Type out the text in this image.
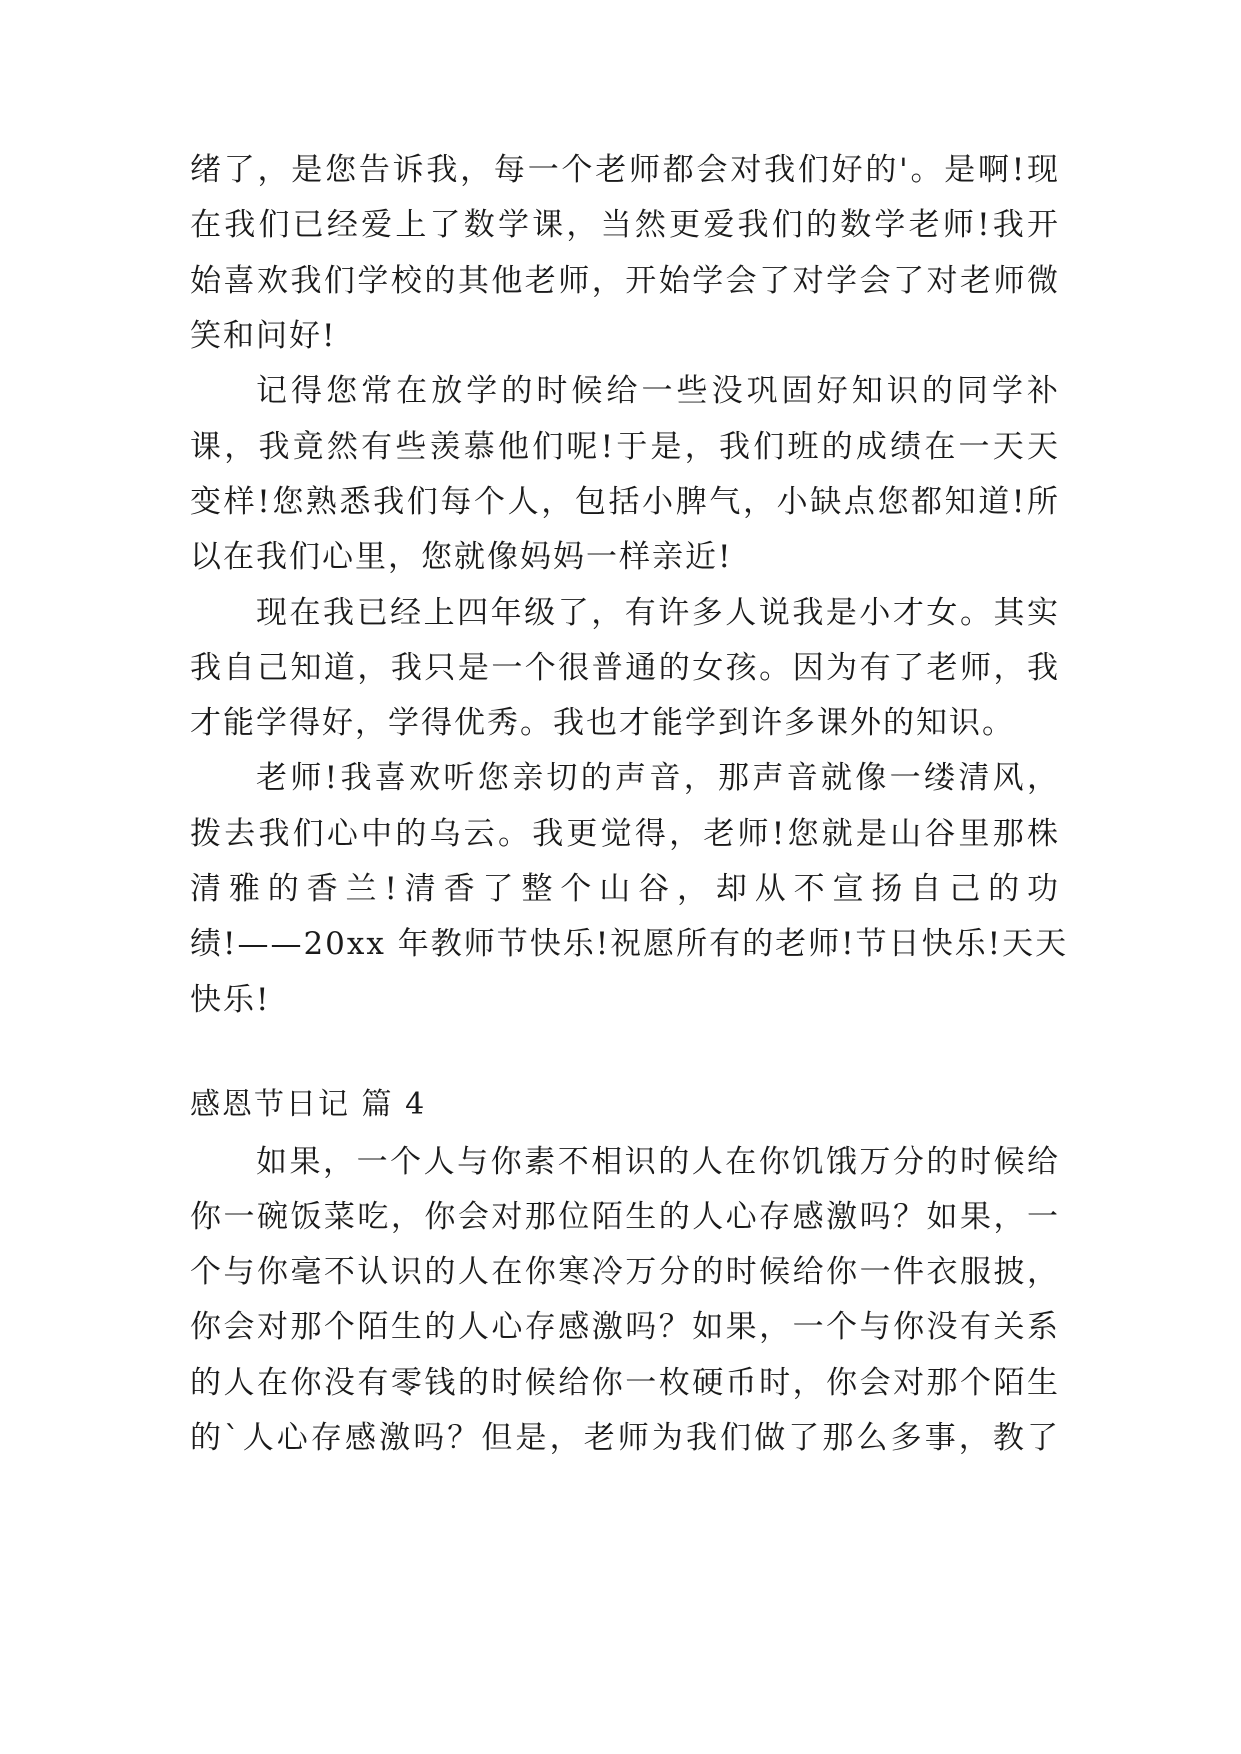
绪了，是您告诉我，每一个老师都会对我们好的'。是啊!现
在我们已经爱上了数学课，当然更爱我们的数学老师!我开
始喜欢我们学校的其他老师，开始学会了对学会了对老师微
笑和问好!
记得您常在放学的时候给一些没巩固好知识的同学补
课，我竟然有些羡慕他们呢!于是，我们班的成绩在一天天
变样!您熟悉我们每个人，包括小脾气，小缺点您都知道!所
以在我们心里，您就像妈妈一样亲近!
现在我已经上四年级了，有许多人说我是小才女。其实
我自己知道，我只是一个很普通的女孩。因为有了老师，我
才能学得好，学得优秀。我也才能学到许多课外的知识。
老师!我喜欢听您亲切的声音，那声音就像一缕清风，
拨去我们心中的乌云。我更觉得，老师!您就是山谷里那株
清雅的香兰!清香了整个山谷，却从不宣扬自己的功
绩!——20xx 年教师节快乐!祝愿所有的老师!节日快乐!天天
快乐!
感恩节日记 篇 4
如果，一个人与你素不相识的人在你饥饿万分的时候给
你一碗饭菜吃，你会对那位陌生的人心存感激吗？如果，一
个与你毫不认识的人在你寒冷万分的时候给你一件衣服披，
你会对那个陌生的人心存感激吗？如果，一个与你没有关系
的人在你没有零钱的时候给你一枚硬币时，你会对那个陌生
的`人心存感激吗？但是，老师为我们做了那么多事，教了
